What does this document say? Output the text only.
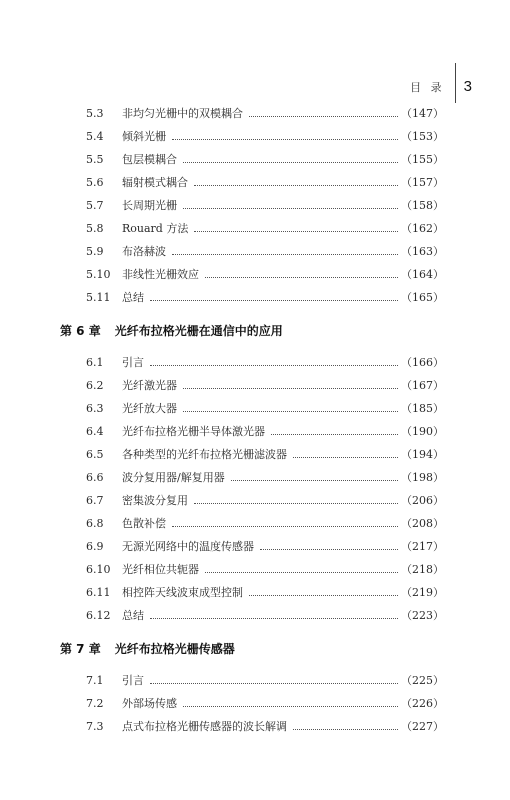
目 录 3
5.3	非均匀光栅中的双模耦合	（147）
5.4	倾斜光栅	（153）
5.5	包层模耦合	（155）
5.6	辐射模式耦合	（157）
5.7	长周期光栅	（158）
5.8	Rouard 方法	（162）
5.9	布洛赫波	（163）
5.10	非线性光栅效应	（164）
5.11	总结	（165）
第 6 章 光纤布拉格光栅在通信中的应用
6.1	引言	（166）
6.2	光纤激光器	（167）
6.3	光纤放大器	（185）
6.4	光纤布拉格光栅半导体激光器	（190）
6.5	各种类型的光纤布拉格光栅滤波器	（194）
6.6	波分复用器/解复用器	（198）
6.7	密集波分复用	（206）
6.8	色散补偿	（208）
6.9	无源光网络中的温度传感器	（217）
6.10	光纤相位共轭器	（218）
6.11	相控阵天线波束成型控制	（219）
6.12	总结	（223）
第 7 章 光纤布拉格光栅传感器
7.1	引言	（225）
7.2	外部场传感	（226）
7.3	点式布拉格光栅传感器的波长解调	（227）
